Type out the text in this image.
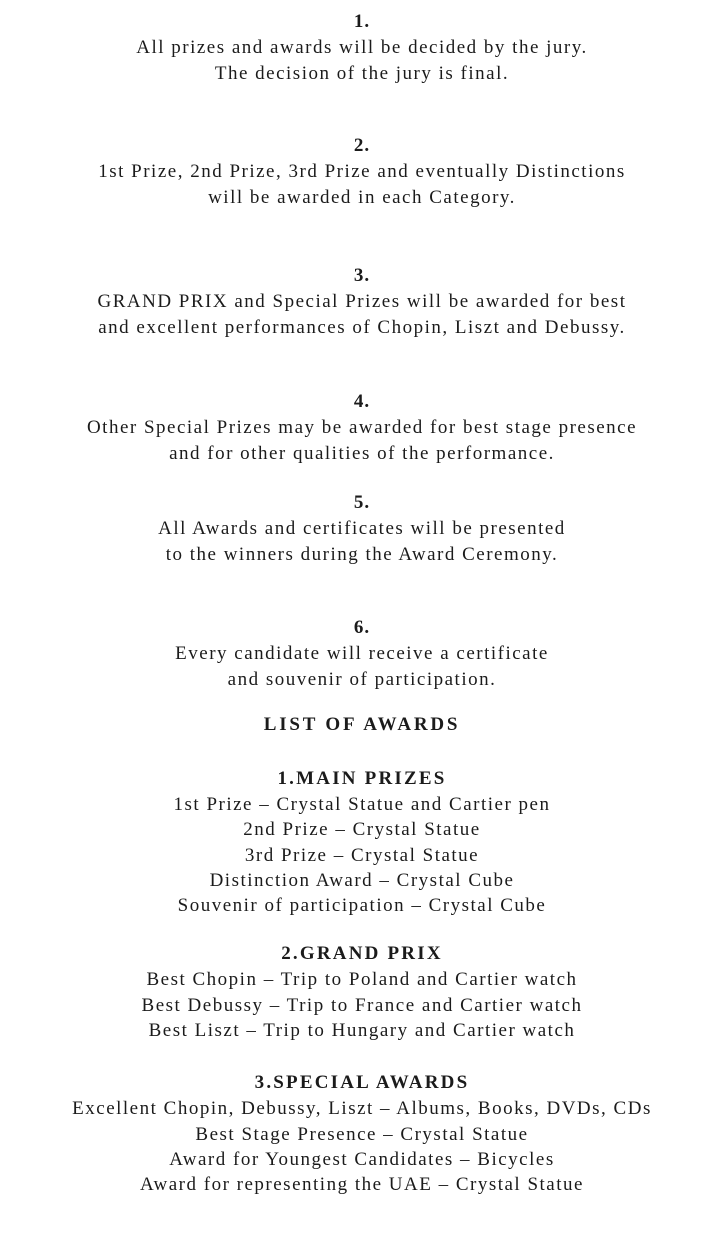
1.
All prizes and awards will be decided by the jury.
The decision of the jury is final.
2.
1st Prize, 2nd Prize, 3rd Prize and eventually Distinctions
will be awarded in each Category.
3.
GRAND PRIX and Special Prizes will be awarded for best
and excellent performances of Chopin, Liszt and Debussy.
4.
Other Special Prizes may be awarded for best stage presence
and for other qualities of the performance.
5.
All Awards and certificates will be presented
to the winners during the Award Ceremony.
6.
Every candidate will receive a certificate
and souvenir of participation.
LIST OF AWARDS
1.MAIN PRIZES
1st Prize – Crystal Statue and Cartier pen
2nd Prize – Crystal Statue
3rd Prize – Crystal Statue
Distinction Award – Crystal Cube
Souvenir of participation – Crystal Cube
2.GRAND PRIX
Best Chopin – Trip to Poland and Cartier watch
Best Debussy – Trip to France and Cartier watch
Best Liszt – Trip to Hungary and Cartier watch
3.SPECIAL AWARDS
Excellent Chopin, Debussy, Liszt – Albums, Books, DVDs, CDs
Best Stage Presence – Crystal Statue
Award for Youngest Candidates – Bicycles
Award for representing the UAE – Crystal Statue
